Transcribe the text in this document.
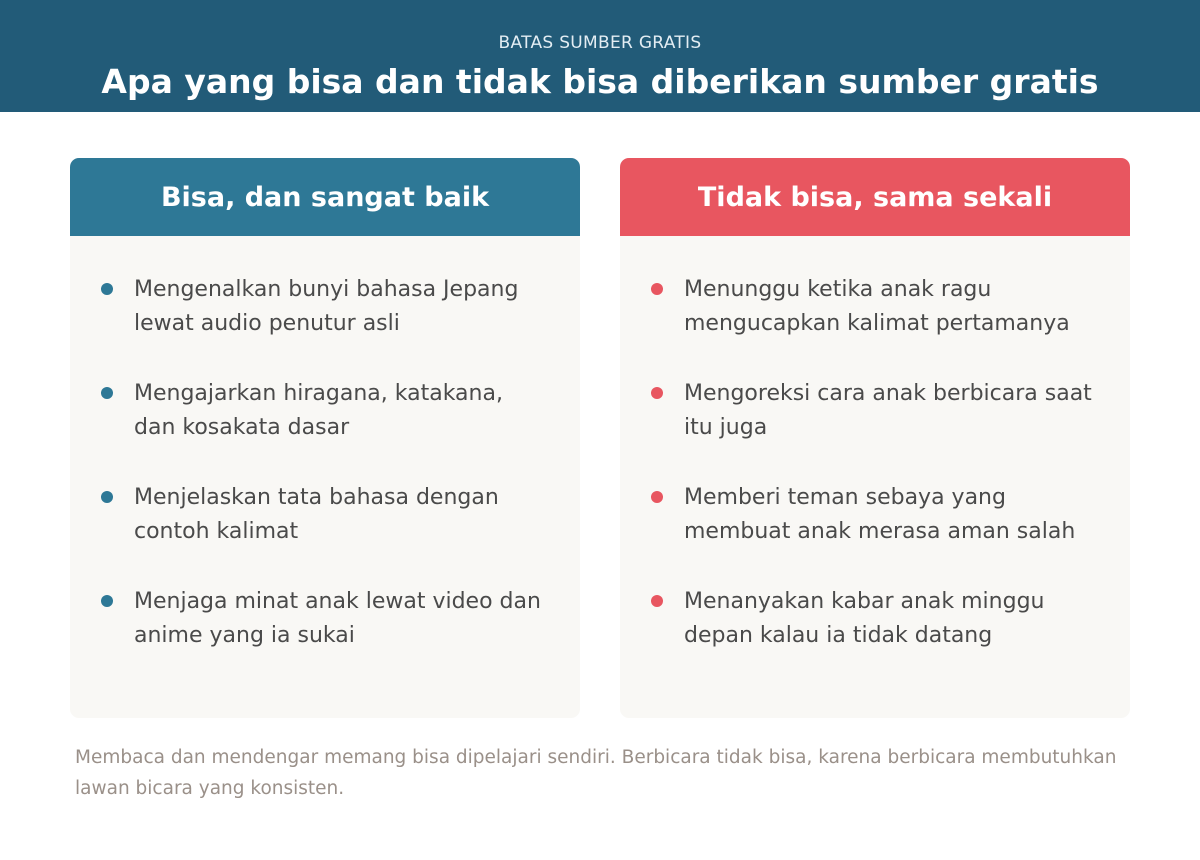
BATAS SUMBER GRATIS
Apa yang bisa dan tidak bisa diberikan sumber gratis
Bisa, dan sangat baik
Mengenalkan bunyi bahasa Jepang lewat audio penutur asli
Mengajarkan hiragana, katakana, dan kosakata dasar
Menjelaskan tata bahasa dengan contoh kalimat
Menjaga minat anak lewat video dan anime yang ia sukai
Tidak bisa, sama sekali
Menunggu ketika anak ragu mengucapkan kalimat pertamanya
Mengoreksi cara anak berbicara saat itu juga
Memberi teman sebaya yang membuat anak merasa aman salah
Menanyakan kabar anak minggu depan kalau ia tidak datang

Membaca dan mendengar memang bisa dipelajari sendiri. Berbicara tidak bisa, karena berbicara membutuhkan lawan bicara yang konsisten.
